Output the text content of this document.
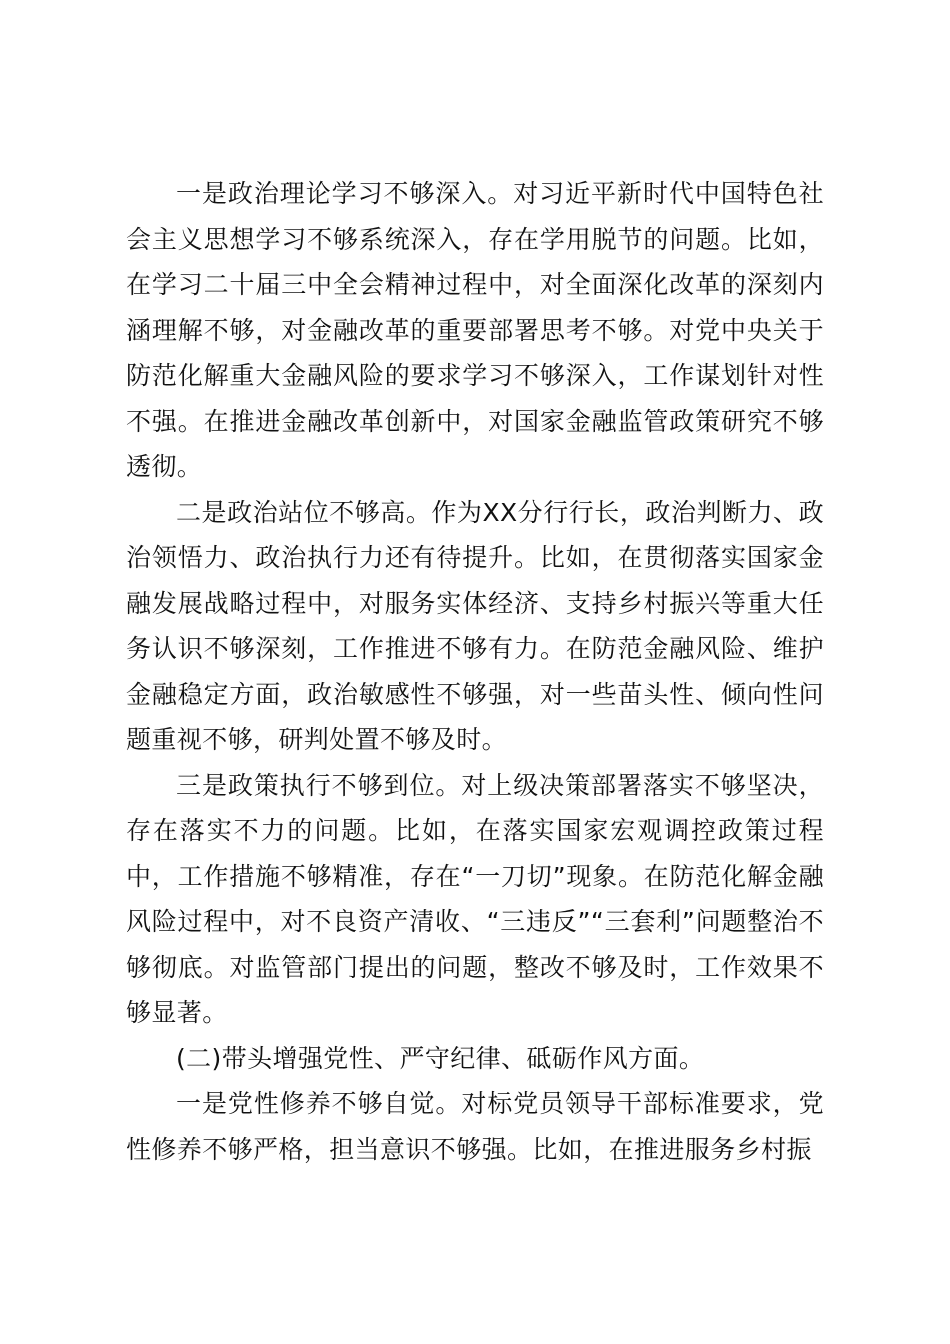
一是政治理论学习不够深入。对习近平新时代中国特色社会主义思想学习不够系统深入，存在学用脱节的问题。比如，在学习二十届三中全会精神过程中，对全面深化改革的深刻内涵理解不够，对金融改革的重要部署思考不够。对党中央关于防范化解重大金融风险的要求学习不够深入，工作谋划针对性不强。在推进金融改革创新中，对国家金融监管政策研究不够透彻。

二是政治站位不够高。作为XX分行行长，政治判断力、政治领悟力、政治执行力还有待提升。比如，在贯彻落实国家金融发展战略过程中，对服务实体经济、支持乡村振兴等重大任务认识不够深刻，工作推进不够有力。在防范金融风险、维护金融稳定方面，政治敏感性不够强，对一些苗头性、倾向性问题重视不够，研判处置不够及时。

三是政策执行不够到位。对上级决策部署落实不够坚决，存在落实不力的问题。比如，在落实国家宏观调控政策过程中，工作措施不够精准，存在“一刀切”现象。在防范化解金融风险过程中，对不良资产清收、“三违反”“三套利”问题整治不够彻底。对监管部门提出的问题，整改不够及时，工作效果不够显著。

(二)带头增强党性、严守纪律、砥砺作风方面。

一是党性修养不够自觉。对标党员领导干部标准要求，党性修养不够严格，担当意识不够强。比如，在推进服务乡村振
